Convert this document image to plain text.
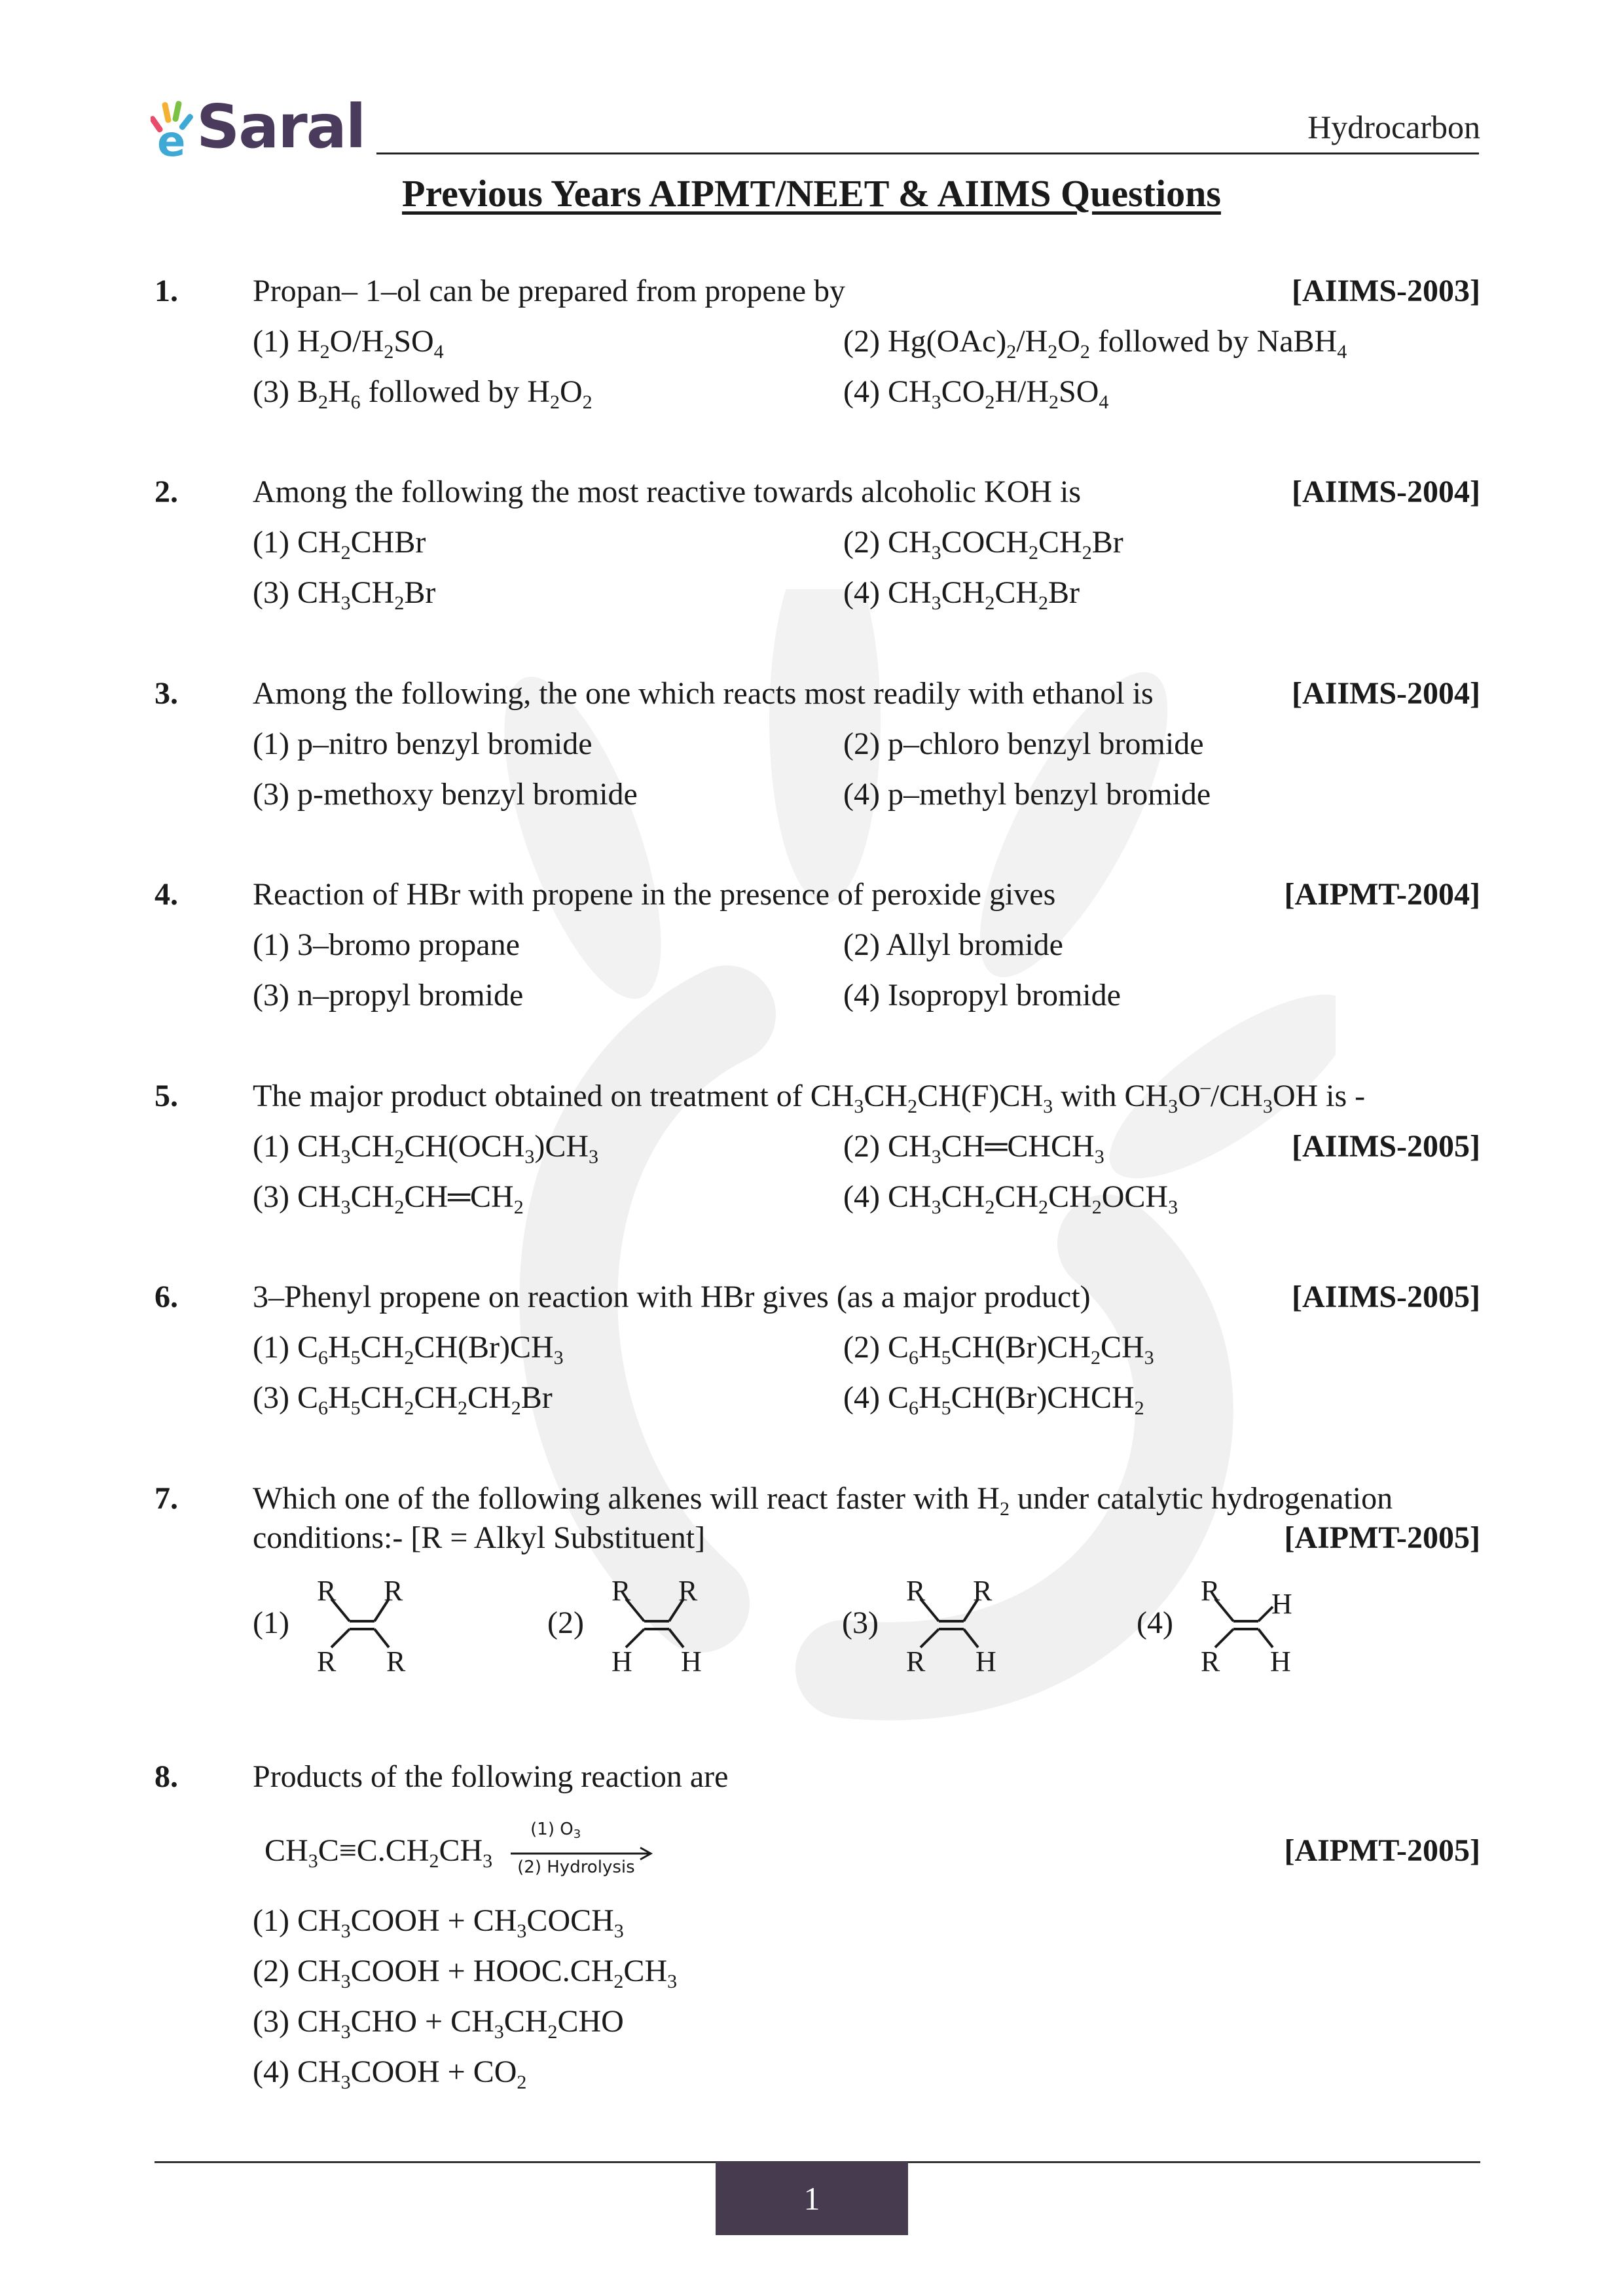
e Saral	Hydrocarbon
Previous Years AIPMT/NEET & AIIMS Questions
1. Propan– 1–ol can be prepared from propene by	[AIIMS-2003]
(1) $H_2O/H_2SO_4$	(2) $Hg(OAc)_2/H_2O_2$ followed by NaBH$_4$
(3) $B_2H_6$ followed by $H_2O_2$	(4) $CH_3CO_2H/H_2SO_4$
2. Among the following the most reactive towards alcoholic KOH is	[AIIMS-2004]
(1) $CH_2CHBr$	(2) $CH_3COCH_2CH_2Br$
(3) $CH_3CH_2Br$	(4) $CH_3CH_2CH_2Br$
3. Among the following, the one which reacts most readily with ethanol is	[AIIMS-2004]
(1) p–nitro benzyl bromide	(2) p–chloro benzyl bromide
(3) p-methoxy benzyl bromide	(4) p–methyl benzyl bromide
4. Reaction of HBr with propene in the presence of peroxide gives	[AIPMT-2004]
(1) 3–bromo propane	(2) Allyl bromide
(3) n–propyl bromide	(4) Isopropyl bromide
5. The major product obtained on treatment of $CH_3CH_2CH(F)CH_3$ with $CH_3O^-/CH_3OH$ is -
(1) $CH_3CH_2CH(OCH_3)CH_3$	(2) $CH_3CH═CHCH_3$	[AIIMS-2005]
(3) $CH_3CH_2CH═CH_2$	(4) $CH_3CH_2CH_2CH_2OCH_3$
6. 3–Phenyl propene on reaction with HBr gives (as a major product)	[AIIMS-2005]
(1) $C_6H_5CH_2CH(Br)CH_3$	(2) $C_6H_5CH(Br)CH_2CH_3$
(3) $C_6H_5CH_2CH_2CH_2Br$	(4) $C_6H_5CH(Br)CHCH_2$
7. Which one of the following alkenes will react faster with $H_2$ under catalytic hydrogenation
conditions:- [R = Alkyl Substituent]	[AIPMT-2005]
(1)
R R
R R
(2)
R R
H H
(3)
R R
R H
(4)
R H
R H
8. Products of the following reaction are
$CH_3C\equiv C.CH_2CH_3$
(1) $O_3$
(2) Hydrolysis	[AIPMT-2005]
(1) $CH_3COOH$ + $CH_3COCH_3$
(2) $CH_3COOH$ + $HOOC.CH_2CH_3$
(3) $CH_3CHO + CH_3CH_2CHO$
(4) $CH_3COOH + CO_2$
1
